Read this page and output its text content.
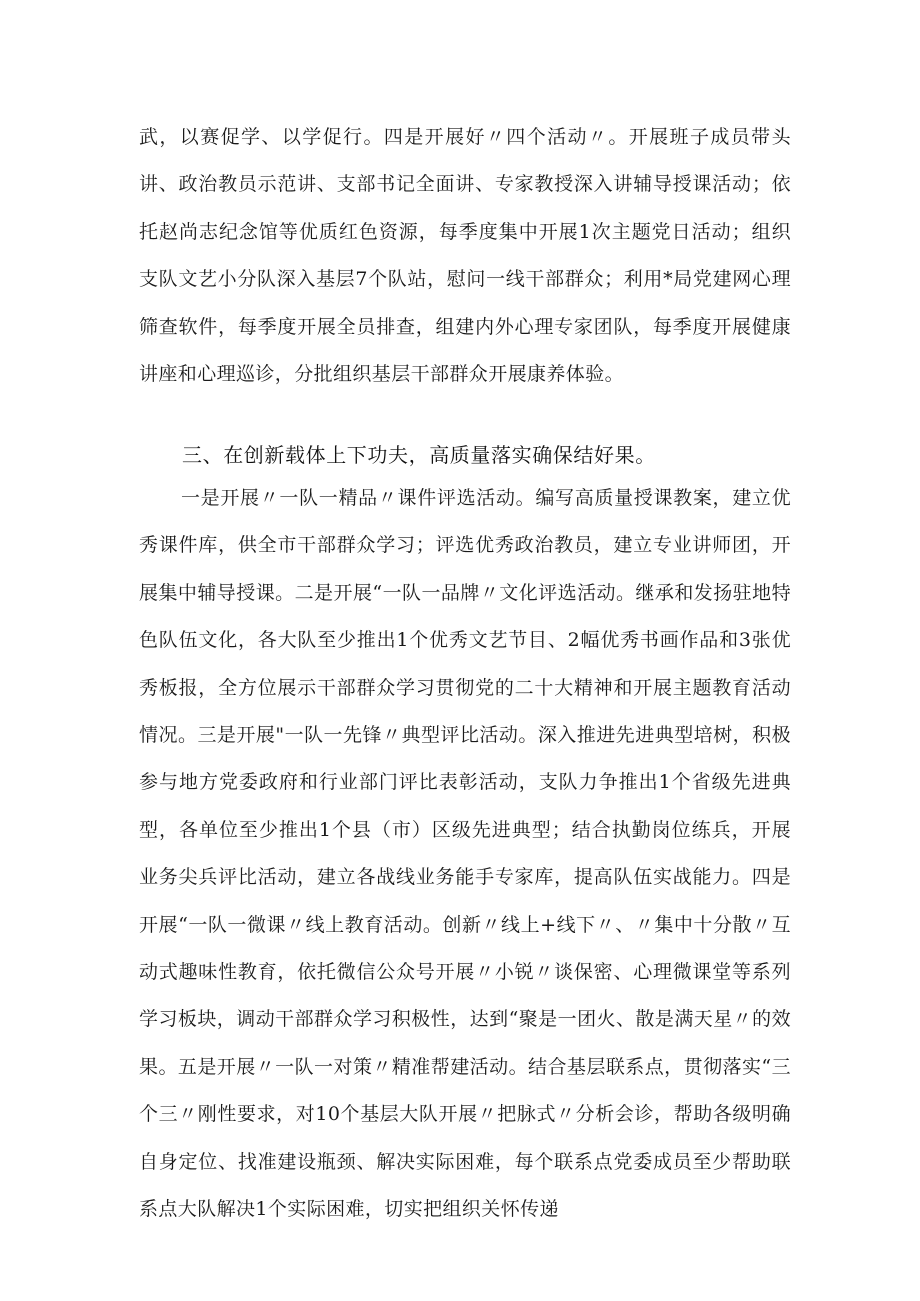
武，以赛促学、以学促行。四是开展好〃四个活动〃。开展班子成员带头讲、政治教员示范讲、支部书记全面讲、专家教授深入讲辅导授课活动；依托赵尚志纪念馆等优质红色资源，每季度集中开展1次主题党日活动；组织支队文艺小分队深入基层7个队站，慰问一线干部群众；利用*局党建网心理筛查软件，每季度开展全员排查，组建内外心理专家团队，每季度开展健康讲座和心理巡诊，分批组织基层干部群众开展康养体验。
三、在创新载体上下功夫，高质量落实确保结好果。
一是开展〃一队一精品〃课件评选活动。编写高质量授课教案，建立优秀课件库，供全市干部群众学习；评选优秀政治教员，建立专业讲师团，开展集中辅导授课。二是开展“一队一品牌〃文化评选活动。继承和发扬驻地特色队伍文化，各大队至少推出1个优秀文艺节目、2幅优秀书画作品和3张优秀板报，全方位展示干部群众学习贯彻党的二十大精神和开展主题教育活动情况。三是开展"一队一先锋〃典型评比活动。深入推进先进典型培树，积极参与地方党委政府和行业部门评比表彰活动，支队力争推出1个省级先进典型，各单位至少推出1个县（市）区级先进典型；结合执勤岗位练兵，开展业务尖兵评比活动，建立各战线业务能手专家库，提高队伍实战能力。四是开展“一队一微课〃线上教育活动。创新〃线上+线下〃、〃集中十分散〃互动式趣味性教育，依托微信公众号开展〃小锐〃谈保密、心理微课堂等系列学习板块，调动干部群众学习积极性，达到“聚是一团火、散是满天星〃的效果。五是开展〃一队一对策〃精准帮建活动。结合基层联系点，贯彻落实“三个三〃刚性要求，对10个基层大队开展〃把脉式〃分析会诊，帮助各级明确自身定位、找准建设瓶颈、解决实际困难，每个联系点党委成员至少帮助联系点大队解决1个实际困难，切实把组织关怀传递
